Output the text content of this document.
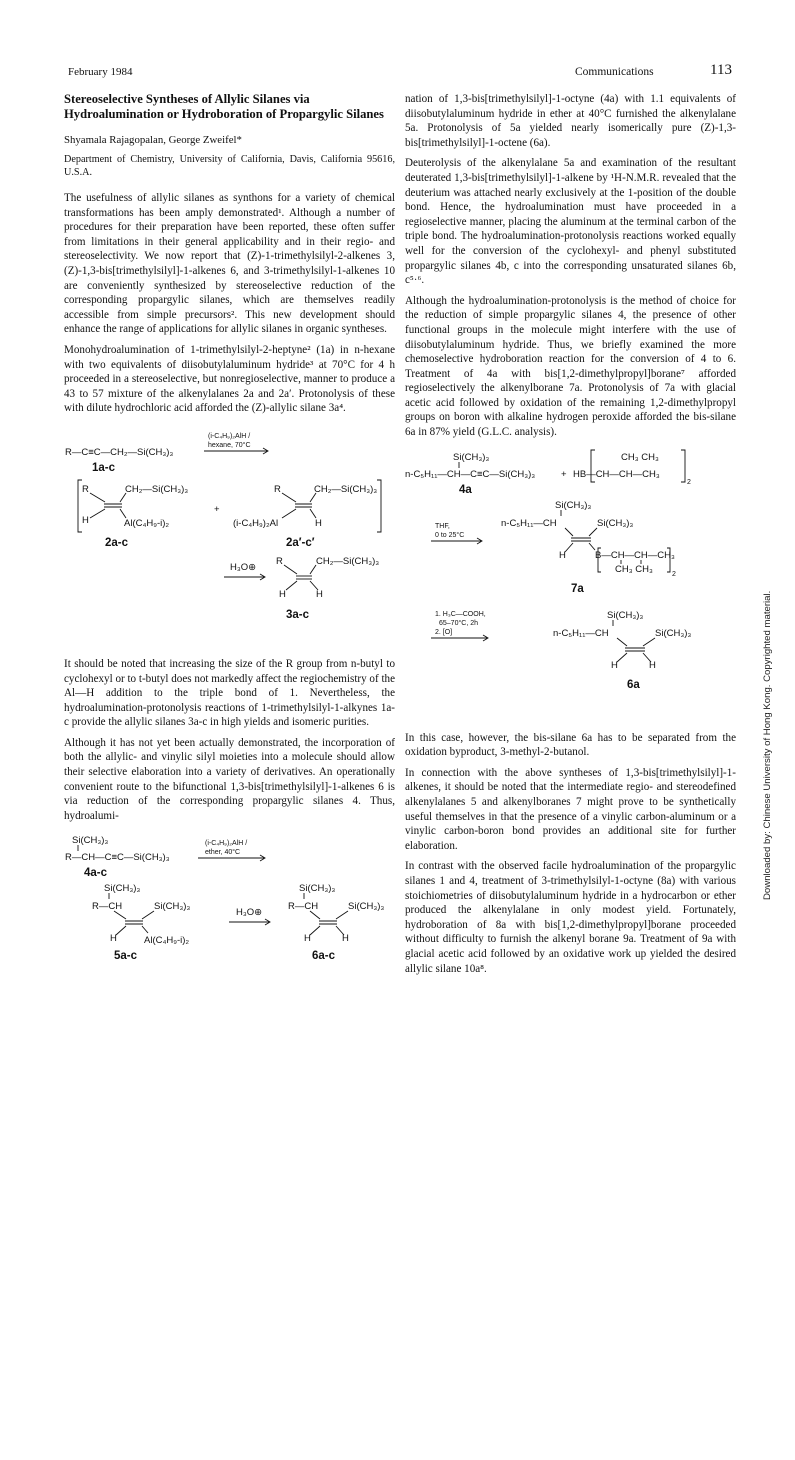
February 1984	Communications	113
Stereoselective Syntheses of Allylic Silanes via Hydroalumination or Hydroboration of Propargylic Silanes
Shyamala Rajagopalan, George Zweifel*

Department of Chemistry, University of California, Davis, California 95616, U.S.A.

The usefulness of allylic silanes as synthons for a variety of chemical transformations has been amply demonstrated¹. Although a number of procedures for their preparation have been reported, these often suffer from limitations in their general applicability and in their regio- and stereoselectivity. We now report that (Z)-1-trimethylsilyl-2-alkenes 3, (Z)-1,3-bis[trimethylsilyl]-1-alkenes 6, and 3-trimethylsilyl-1-alkenes 10 are conveniently synthesized by stereoselective reduction of the corresponding propargylic silanes, which are themselves readily accessible from simple precursors². This new development should enhance the range of applications for allylic silanes in organic syntheses.

Monohydroalumination of 1-trimethylsilyl-2-heptyne² (1a) in n-hexane with two equivalents of diisobutylaluminum hydride³ at 70°C for 4 h proceeded in a stereoselective, but nonregioselective, manner to produce a 43 to 57 mixture of the alkenylalanes 2a and 2a′. Protonolysis of these with dilute hydrochloric acid afforded the (Z)-allylic silane 3a⁴.

(i-C₄H₉)₂AlH /
hexane, 70°C
R—C≡C—CH₂—Si(CH₃)₃
1a-c
R	CH₂—Si(CH₃)₃
H	Al(C₄H₉-i)₂
+
R	CH₂—Si(CH₃)₃
(i-C₄H₉)₂Al	H
2a-c	2a′-c′
H₃O⊕
R	CH₂—Si(CH₃)₃
H	H
3a-c

It should be noted that increasing the size of the R group from n-butyl to cyclohexyl or to t-butyl does not markedly affect the regiochemistry of the Al—H addition to the triple bond of 1. Nevertheless, the hydroalumination-protonolysis reactions of 1-trimethylsilyl-1-alkynes 1a-c provide the allylic silanes 3a-c in high yields and isomeric purities.

Although it has not yet been actually demonstrated, the incorporation of both the allylic- and vinylic silyl moieties into a molecule should allow their selective elaboration into a variety of derivatives. An operationally convenient route to the bifunctional 1,3-bis[trimethylsilyl]-1-alkenes 6 is via reduction of the corresponding propargylic silanes 4. Thus, hydroalumi-

Si(CH₃)₃
R—CH—C≡C—Si(CH₃)₃
4a-c
(i-C₄H₉)₂AlH /
ether, 40°C
Si(CH₃)₃
R—CH	Si(CH₃)₃
H	Al(C₄H₉-i)₂
5a-c
H₃O⊕
Si(CH₃)₃
R—CH	Si(CH₃)₃
H	H
6a-c

nation of 1,3-bis[trimethylsilyl]-1-octyne (4a) with 1.1 equivalents of diisobutylaluminum hydride in ether at 40°C furnished the alkenylalane 5a. Protonolysis of 5a yielded nearly isomerically pure (Z)-1,3-bis[trimethylsilyl]-1-octene (6a).

Deuterolysis of the alkenylalane 5a and examination of the resultant deuterated 1,3-bis[trimethylsilyl]-1-alkene by ¹H-N.M.R. revealed that the deuterium was attached nearly exclusively at the 1-position of the double bond. Hence, the hydroalumination must have proceeded in a regioselective manner, placing the aluminum at the terminal carbon of the triple bond. The hydroalumination-protonolysis reactions worked equally well for the conversion of the cyclohexyl- and phenyl substituted propargylic silanes 4b, c into the corresponding unsaturated silanes 6b, c⁵·⁶.

Although the hydroalumination-protonolysis is the method of choice for the reduction of simple propargylic silanes 4, the presence of other functional groups in the molecule might interfere with the use of diisobutylaluminum hydride. Thus, we briefly examined the more chemoselective hydroboration reaction for the conversion of 4 to 6. Treatment of 4a with bis[1,2-dimethylpropyl]borane⁷ afforded regioselectively the alkenylborane 7a. Protonolysis of 7a with glacial acetic acid followed by oxidation of the remaining 1,2-dimethylpropyl groups on boron with alkaline hydrogen peroxide afforded the bis-silane 6a in 87% yield (G.L.C. analysis).

Si(CH₃)₃
n-C₅H₁₁—CH—C≡C—Si(CH₃)₃	+
CH₃ CH₃
HB—CH—CH—CH₃
2
4a
THF,
0 to 25°C
Si(CH₃)₃
n-C₅H₁₁—CH	Si(CH₃)₃
H	B—CH—CH—CH₃
CH₃ CH₃	2
7a
1. H₃C—COOH,
65–70°C, 2h
2. [O]
Si(CH₃)₃
n-C₅H₁₁—CH	Si(CH₃)₃
H	H
6a

In this case, however, the bis-silane 6a has to be separated from the oxidation byproduct, 3-methyl-2-butanol.

In connection with the above syntheses of 1,3-bis[trimethylsilyl]-1-alkenes, it should be noted that the intermediate regio- and stereodefined alkenylalanes 5 and alkenylboranes 7 might prove to be synthetically useful themselves in that the presence of a vinylic carbon-aluminum or a vinylic carbon-boron bond provides an additional site for further elaboration.

In contrast with the observed facile hydroalumination of the propargylic silanes 1 and 4, treatment of 3-trimethylsilyl-1-octyne (8a) with various stoichiometries of diisobutylaluminum hydride in a hydrocarbon or ether produced the alkenylalane in only modest yield. Fortunately, hydroboration of 8a with bis[1,2-dimethylpropyl]borane proceeded without difficulty to furnish the alkenyl borane 9a. Treatment of 9a with glacial acetic acid followed by an oxidative work up yielded the desired allylic silane 10a⁸.

Downloaded by: Chinese University of Hong Kong. Copyrighted material.
